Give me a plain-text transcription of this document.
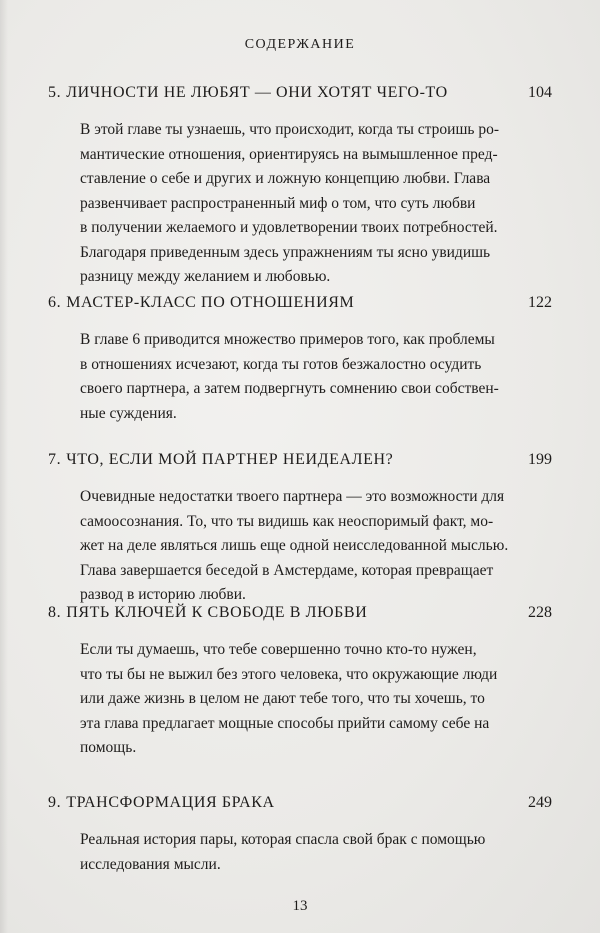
СОДЕРЖАНИЕ
5. ЛИЧНОСТИ НЕ ЛЮБЯТ — ОНИ ХОТЯТ ЧЕГО-ТО	104
В этой главе ты узнаешь, что происходит, когда ты строишь ро-
мантические отношения, ориентируясь на вымышленное пред-
ставление о себе и других и ложную концепцию любви. Глава
развенчивает распространенный миф о том, что суть любви
в получении желаемого и удовлетворении твоих потребностей.
Благодаря приведенным здесь упражнениям ты ясно увидишь
разницу между желанием и любовью.
6. МАСТЕР-КЛАСС ПО ОТНОШЕНИЯМ	122
В главе 6 приводится множество примеров того, как проблемы
в отношениях исчезают, когда ты готов безжалостно осудить
своего партнера, а затем подвергнуть сомнению свои собствен-
ные суждения.
7. ЧТО, ЕСЛИ МОЙ ПАРТНЕР НЕИДЕАЛЕН?	199
Очевидные недостатки твоего партнера — это возможности для
самоосознания. То, что ты видишь как неоспоримый факт, мо-
жет на деле являться лишь еще одной неисследованной мыслью.
Глава завершается беседой в Амстердаме, которая превращает
развод в историю любви.
8. ПЯТЬ КЛЮЧЕЙ К СВОБОДЕ В ЛЮБВИ	228
Если ты думаешь, что тебе совершенно точно кто-то нужен,
что ты бы не выжил без этого человека, что окружающие люди
или даже жизнь в целом не дают тебе того, что ты хочешь, то
эта глава предлагает мощные способы прийти самому себе на
помощь.
9. ТРАНСФОРМАЦИЯ БРАКА	249
Реальная история пары, которая спасла свой брак с помощью
исследования мысли.
13
